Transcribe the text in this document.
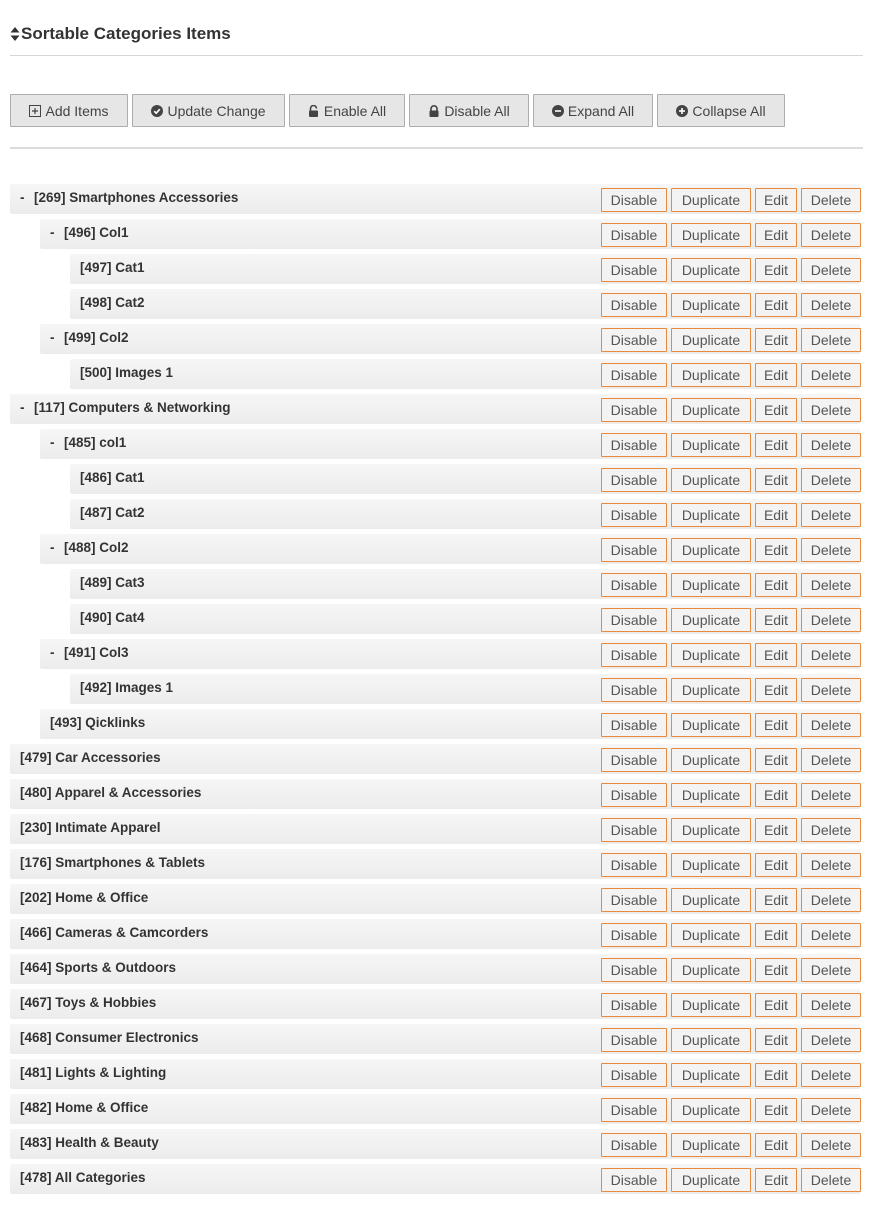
Sortable Categories Items
Add Items	Update Change	Enable All	Disable All	Expand All	Collapse All
- [269] Smartphones Accessories	Disable	Duplicate	Edit	Delete
- [496] Col1	Disable	Duplicate	Edit	Delete
[497] Cat1	Disable	Duplicate	Edit	Delete
[498] Cat2	Disable	Duplicate	Edit	Delete
- [499] Col2	Disable	Duplicate	Edit	Delete
[500] Images 1	Disable	Duplicate	Edit	Delete
- [117] Computers & Networking	Disable	Duplicate	Edit	Delete
- [485] col1	Disable	Duplicate	Edit	Delete
[486] Cat1	Disable	Duplicate	Edit	Delete
[487] Cat2	Disable	Duplicate	Edit	Delete
- [488] Col2	Disable	Duplicate	Edit	Delete
[489] Cat3	Disable	Duplicate	Edit	Delete
[490] Cat4	Disable	Duplicate	Edit	Delete
- [491] Col3	Disable	Duplicate	Edit	Delete
[492] Images 1	Disable	Duplicate	Edit	Delete
[493] Qicklinks	Disable	Duplicate	Edit	Delete
[479] Car Accessories	Disable	Duplicate	Edit	Delete
[480] Apparel & Accessories	Disable	Duplicate	Edit	Delete
[230] Intimate Apparel	Disable	Duplicate	Edit	Delete
[176] Smartphones & Tablets	Disable	Duplicate	Edit	Delete
[202] Home & Office	Disable	Duplicate	Edit	Delete
[466] Cameras & Camcorders	Disable	Duplicate	Edit	Delete
[464] Sports & Outdoors	Disable	Duplicate	Edit	Delete
[467] Toys & Hobbies	Disable	Duplicate	Edit	Delete
[468] Consumer Electronics	Disable	Duplicate	Edit	Delete
[481] Lights & Lighting	Disable	Duplicate	Edit	Delete
[482] Home & Office	Disable	Duplicate	Edit	Delete
[483] Health & Beauty	Disable	Duplicate	Edit	Delete
[478] All Categories	Disable	Duplicate	Edit	Delete
